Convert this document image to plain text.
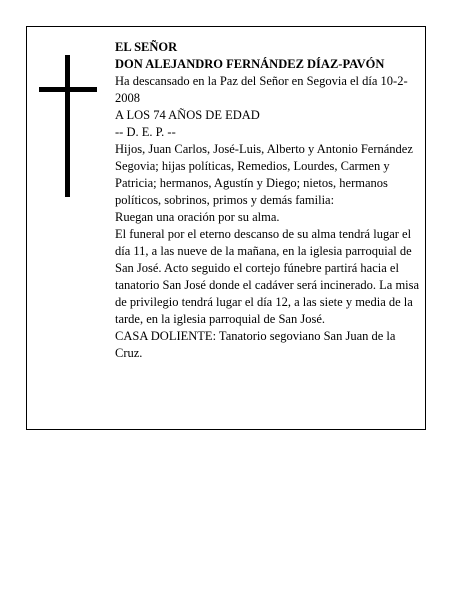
EL SEÑOR

DON ALEJANDRO FERNÁNDEZ DÍAZ-PAVÓN

Ha descansado en la Paz del Señor en Segovia el día 10-2-2008

A LOS 74 AÑOS DE EDAD

-- D. E. P. --

Hijos, Juan Carlos, José-Luis, Alberto y Antonio Fernández Segovia; hijas políticas, Remedios, Lourdes, Carmen y Patricia; hermanos, Agustín y Diego; nietos, hermanos políticos, sobrinos, primos y demás familia:

Ruegan una oración por su alma.

El funeral por el eterno descanso de su alma tendrá lugar el día 11, a las nueve de la mañana, en la iglesia parroquial de San José. Acto seguido el cortejo fúnebre partirá hacia el tanatorio San José donde el cadáver será incinerado. La misa de privilegio tendrá lugar el día 12, a las siete y media de la tarde, en la iglesia parroquial de San José.

CASA DOLIENTE: Tanatorio segoviano San Juan de la Cruz.
